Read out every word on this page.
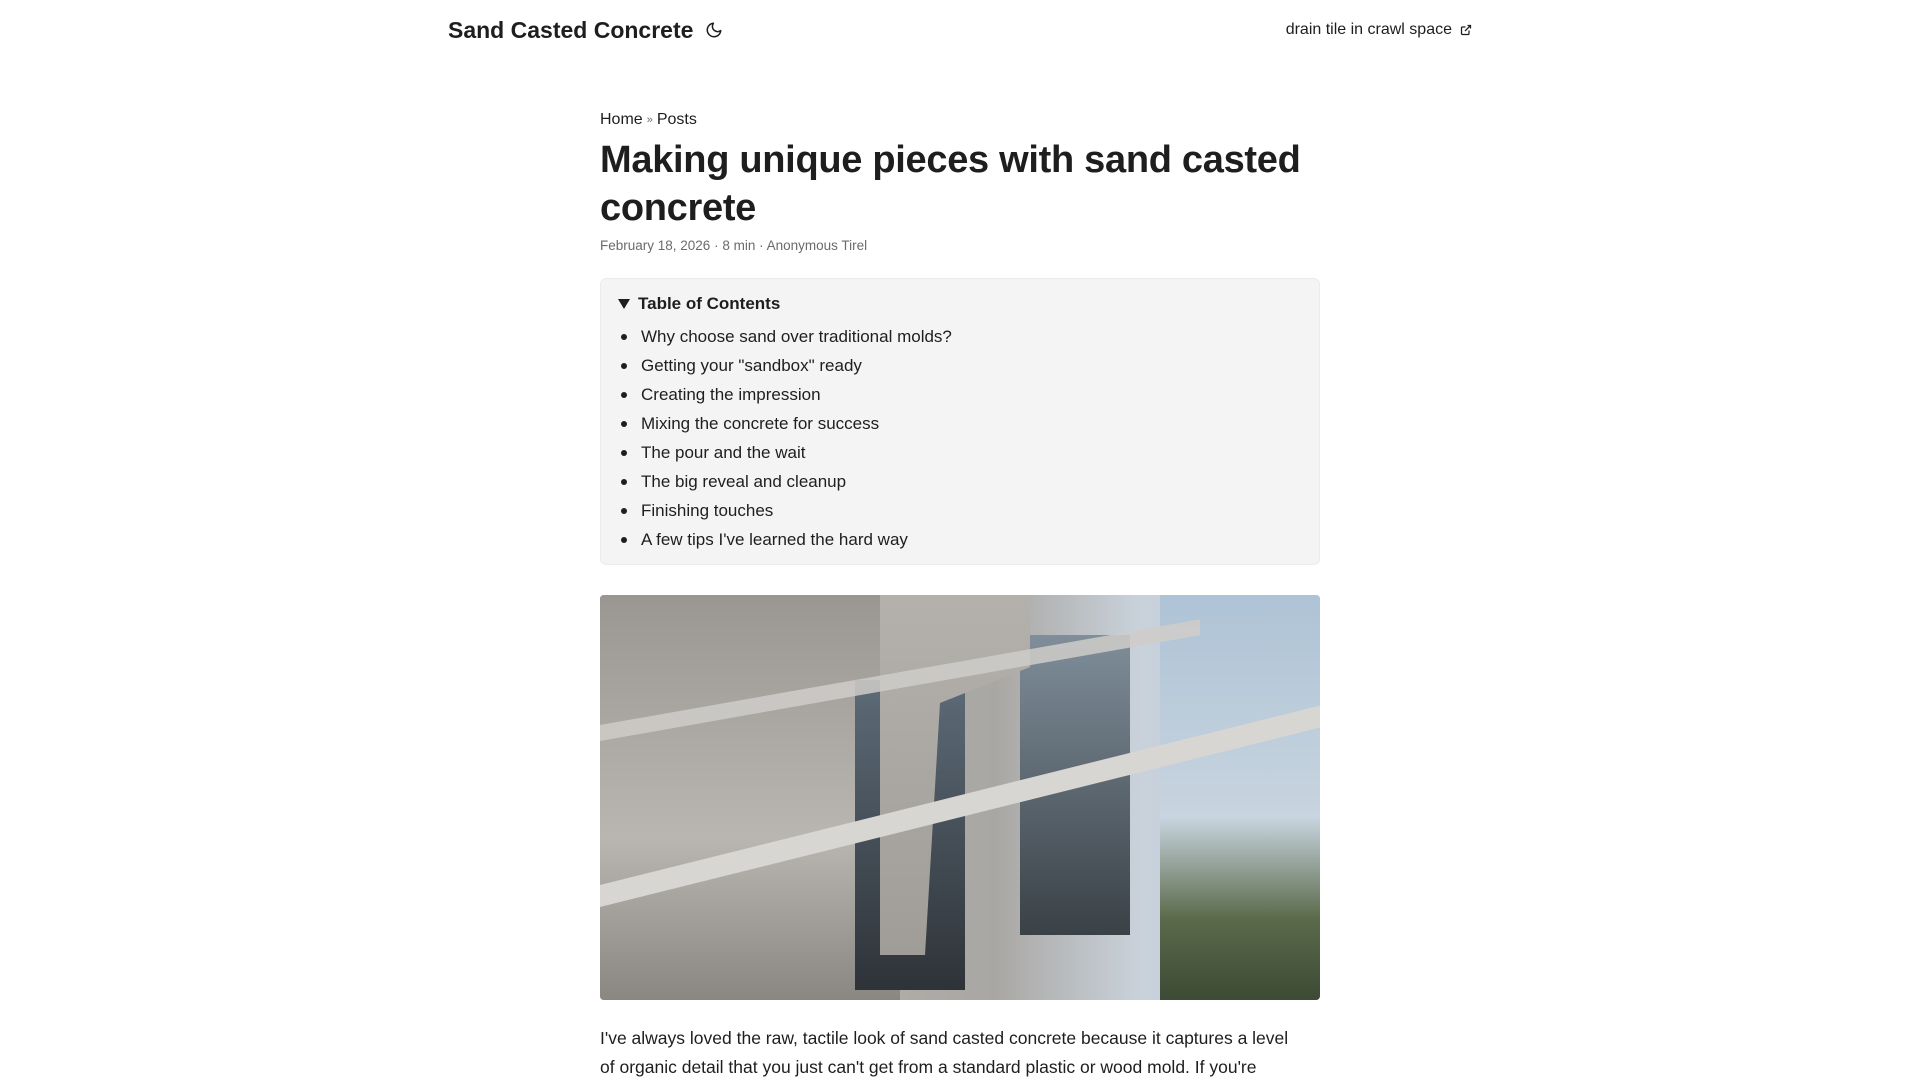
Sand Casted Concrete	drain tile in crawl space
Home » Posts
Making unique pieces with sand casted concrete
February 18, 2026 · 8 min · Anonymous Tirel
Table of Contents
Why choose sand over traditional molds?
Getting your "sandbox" ready
Creating the impression
Mixing the concrete for success
The pour and the wait
The big reveal and cleanup
Finishing touches
A few tips I've learned the hard way

I've always loved the raw, tactile look of sand casted concrete because it captures a level
of organic detail that you just can't get from a standard plastic or wood mold. If you're
